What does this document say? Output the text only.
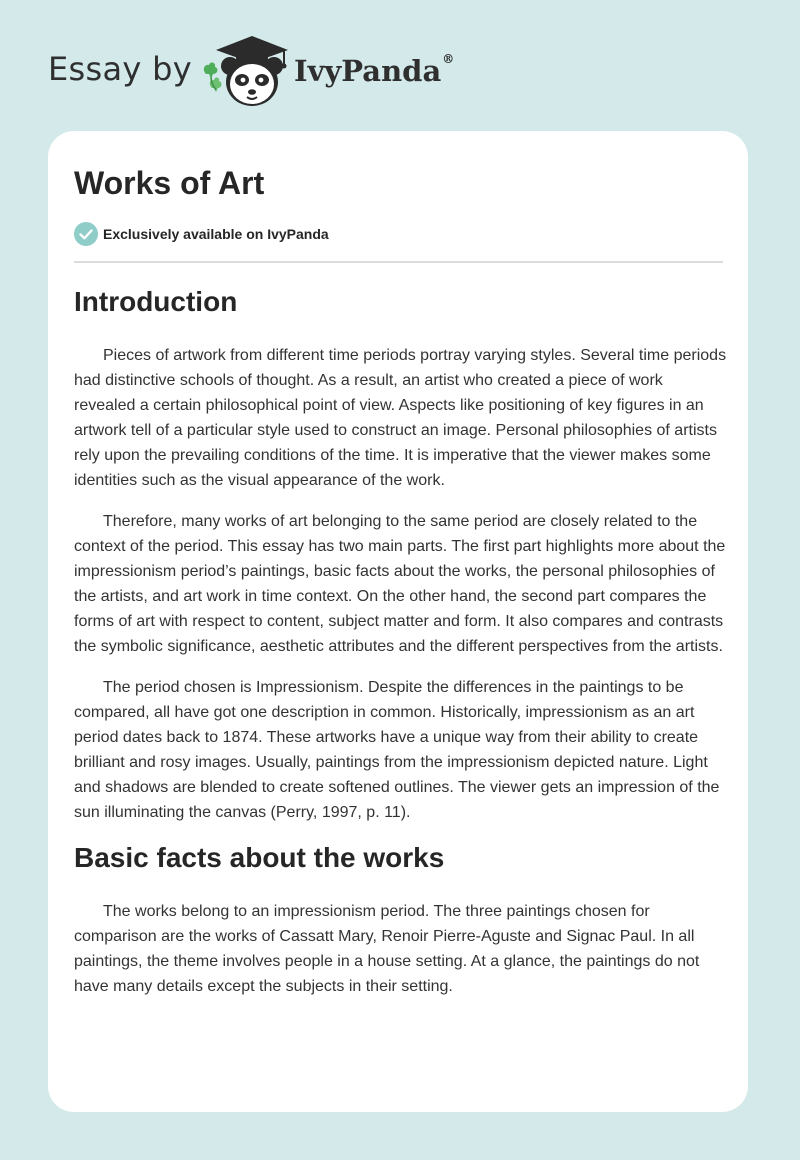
Essay by	IvyPanda®
Works of Art
Exclusively available on IvyPanda
Introduction

Pieces of artwork from different time periods portray varying styles. Several time periods had distinctive schools of thought. As a result, an artist who created a piece of work revealed a certain philosophical point of view. Aspects like positioning of key figures in an artwork tell of a particular style used to construct an image. Personal philosophies of artists rely upon the prevailing conditions of the time. It is imperative that the viewer makes some identities such as the visual appearance of the work.

Therefore, many works of art belonging to the same period are closely related to the context of the period. This essay has two main parts. The first part highlights more about the impressionism period’s paintings, basic facts about the works, the personal philosophies of the artists, and art work in time context. On the other hand, the second part compares the forms of art with respect to content, subject matter and form. It also compares and contrasts the symbolic significance, aesthetic attributes and the different perspectives from the artists.

The period chosen is Impressionism. Despite the differences in the paintings to be compared, all have got one description in common. Historically, impressionism as an art period dates back to 1874. These artworks have a unique way from their ability to create brilliant and rosy images. Usually, paintings from the impressionism depicted nature. Light and shadows are blended to create softened outlines. The viewer gets an impression of the sun illuminating the canvas (Perry, 1997, p. 11).

Basic facts about the works

The works belong to an impressionism period. The three paintings chosen for comparison are the works of Cassatt Mary, Renoir Pierre-Aguste and Signac Paul. In all paintings, the theme involves people in a house setting. At a glance, the paintings do not have many details except the subjects in their setting.
